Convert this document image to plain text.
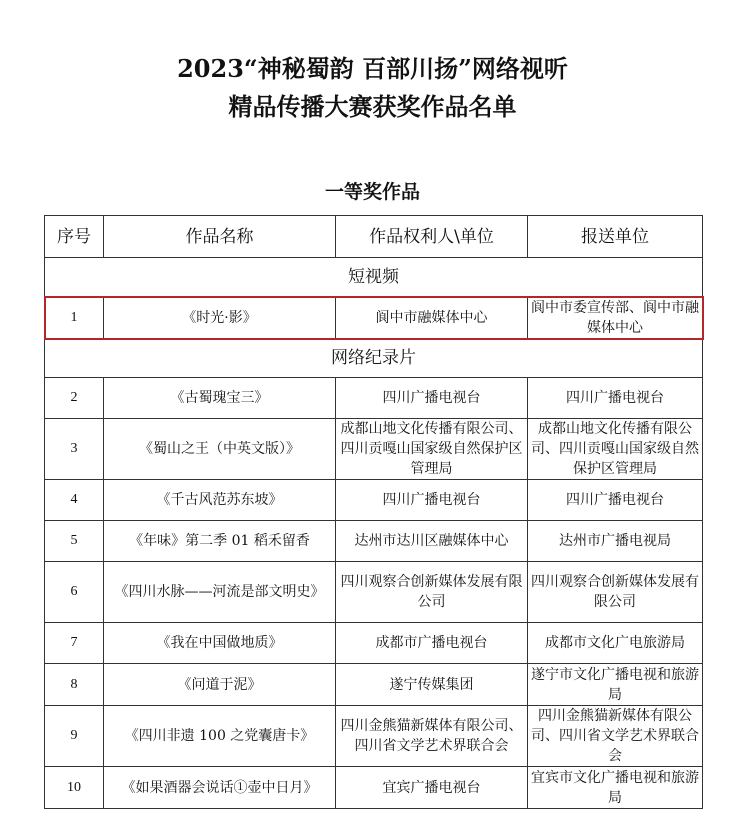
2023“神秘蜀韵 百部川扬”网络视听
精品传播大赛获奖作品名单
一等奖作品
序号	作品名称	作品权利人\单位	报送单位
短视频			
1	《时光·影》	阆中市融媒体中心	阆中市委宣传部、阆中市融媒体中心
网络纪录片			
2	《古蜀瑰宝三》	四川广播电视台	四川广播电视台
3	《蜀山之王（中英文版）》	成都山地文化传播有限公司、四川贡嘎山国家级自然保护区管理局	成都山地文化传播有限公司、四川贡嘎山国家级自然保护区管理局
4	《千古风范苏东坡》	四川广播电视台	四川广播电视台
5	《年味》第二季 01 稻禾留香	达州市达川区融媒体中心	达州市广播电视局
6	《四川水脉——河流是部文明史》	四川观察合创新媒体发展有限公司	四川观察合创新媒体发展有限公司
7	《我在中国做地质》	成都市广播电视台	成都市文化广电旅游局
8	《问道于泥》	遂宁传媒集团	遂宁市文化广播电视和旅游局
9	《四川非遗 100 之党囊唐卡》	四川金熊猫新媒体有限公司、四川省文学艺术界联合会	四川金熊猫新媒体有限公司、四川省文学艺术界联合会
10	《如果酒器会说话①壶中日月》	宜宾广播电视台	宜宾市文化广播电视和旅游局
